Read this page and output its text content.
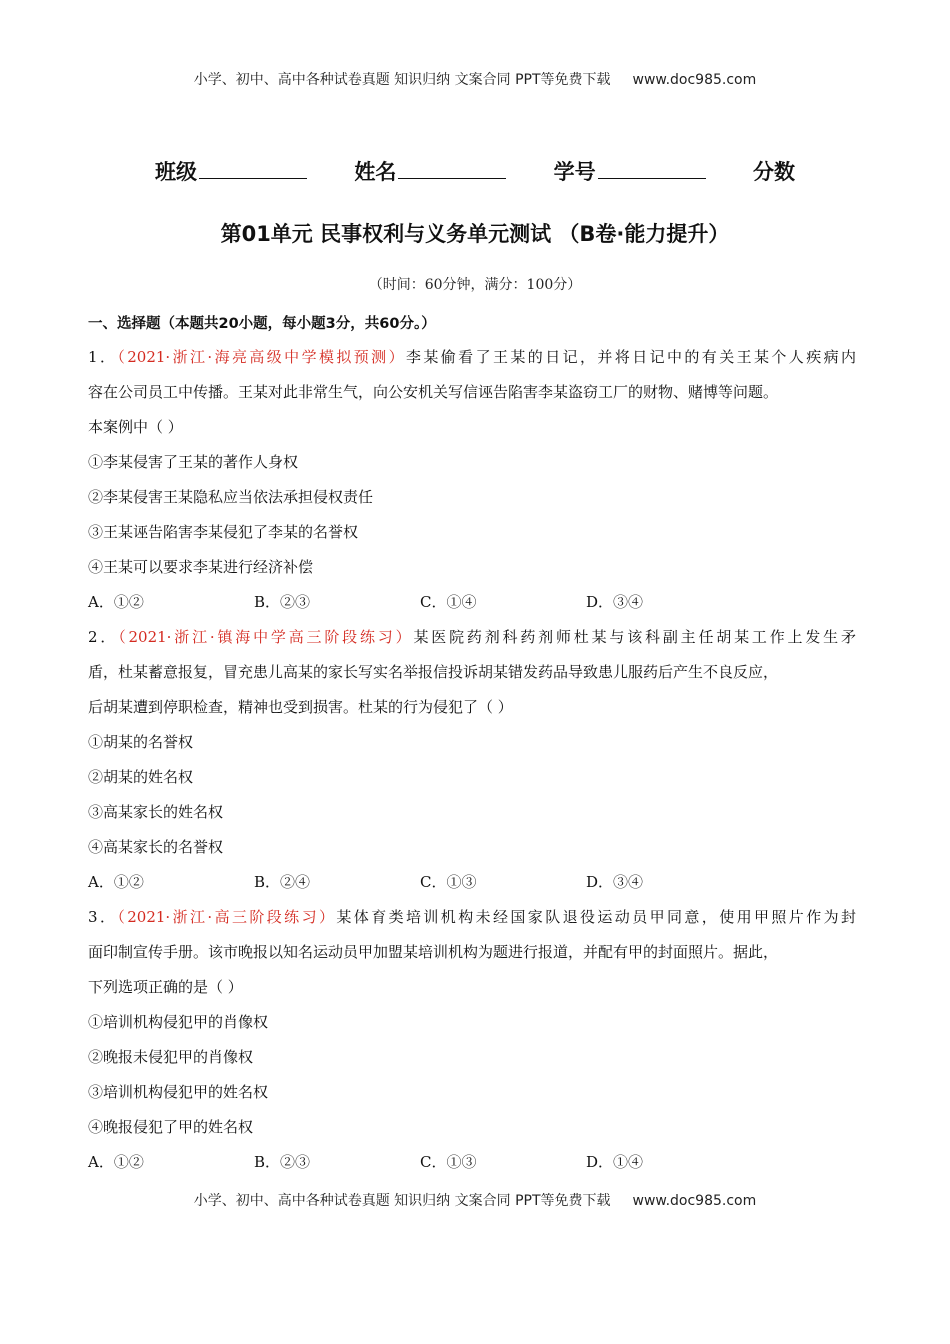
小学、初中、高中各种试卷真题 知识归纳 文案合同 PPT等免费下载 www.doc985.com
班级	姓名	学号	分数
第01单元 民事权利与义务单元测试 （B卷·能力提升）
（时间：60分钟，满分：100分）
一、选择题（本题共20小题，每小题3分，共60分。）
1．（2021·浙江·海亮高级中学模拟预测）李某偷看了王某的日记，并将日记中的有关王某个人疾病内
容在公司员工中传播。王某对此非常生气，向公安机关写信诬告陷害李某盗窃工厂的财物、赌博等问题。
本案例中（ ）
①李某侵害了王某的著作人身权
②李某侵害王某隐私应当依法承担侵权责任
③王某诬告陷害李某侵犯了李某的名誉权
④王某可以要求李某进行经济补偿
A．①②	B．②③	C．①④	D．③④
2．（2021·浙江·镇海中学高三阶段练习）某医院药剂科药剂师杜某与该科副主任胡某工作上发生矛
盾，杜某蓄意报复，冒充患儿高某的家长写实名举报信投诉胡某错发药品导致患儿服药后产生不良反应，
后胡某遭到停职检查，精神也受到损害。杜某的行为侵犯了（ ）
①胡某的名誉权
②胡某的姓名权
③高某家长的姓名权
④高某家长的名誉权
A．①②	B．②④	C．①③	D．③④
3．（2021·浙江·高三阶段练习）某体育类培训机构未经国家队退役运动员甲同意，使用甲照片作为封
面印制宣传手册。该市晚报以知名运动员甲加盟某培训机构为题进行报道，并配有甲的封面照片。据此，
下列选项正确的是（ ）
①培训机构侵犯甲的肖像权
②晚报未侵犯甲的肖像权
③培训机构侵犯甲的姓名权
④晚报侵犯了甲的姓名权
A．①②	B．②③	C．①③	D．①④
小学、初中、高中各种试卷真题 知识归纳 文案合同 PPT等免费下载 www.doc985.com
